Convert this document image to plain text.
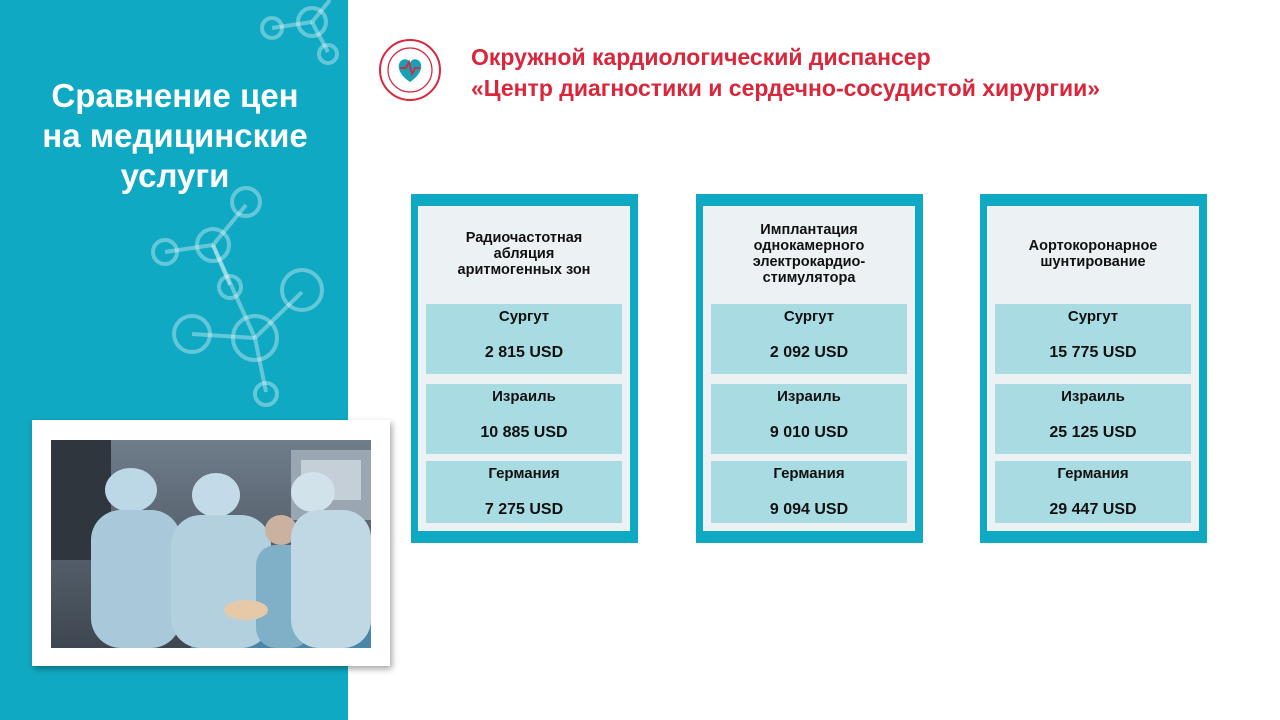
Сравнение цен
на медицинские
услуги
Окружной кардиологический диспансер
«Центр диагностики и сердечно-сосудистой хирургии»
Радиочастотная
абляция
аритмогенных зон
Сургут
2 815 USD
Израиль
10 885 USD
Германия
7 275 USD
Имплантация
однокамерного
электрокардио-
стимулятора
Сургут
2 092 USD
Израиль
9 010 USD
Германия
9 094 USD
Аортокоронарное
шунтирование
Сургут
15 775 USD
Израиль
25 125 USD
Германия
29 447 USD
